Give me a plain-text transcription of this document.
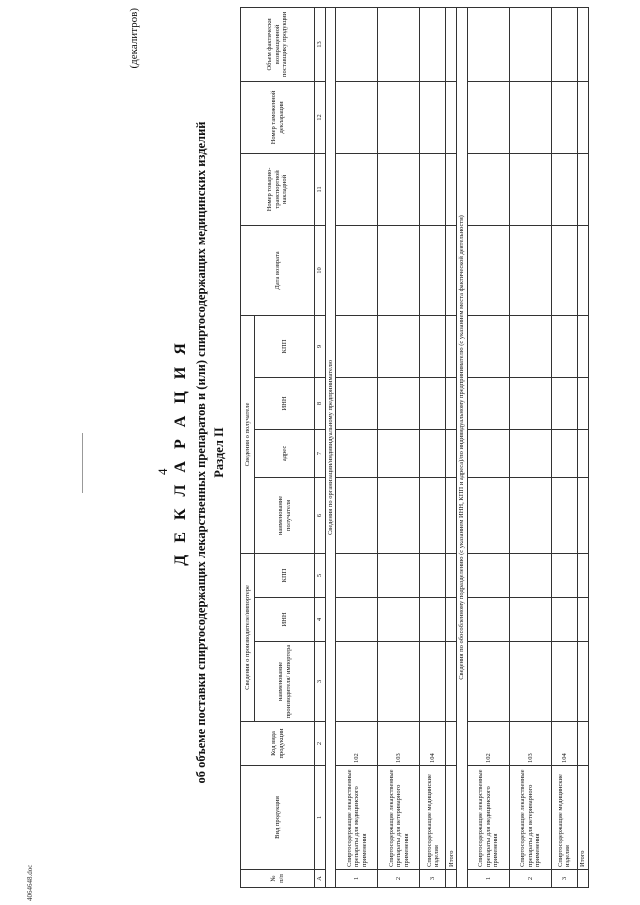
4064648.doc
4 Д Е К Л А Р А Ц И Я об объеме поставки спиртосодержащих лекарственных препаратов и (или) спиртосодержащих медицинских изделий Раздел II
(декалитров)
№ п/п	Вид продукции	Код вида продукции	Сведения о производителе/импортере			Сведения о получателе				Дата возврата	Номер товарно-транспортной накладной	Номер таможенной декларации	Объем фактически возвращенной поставщику продукции
			наименование производителя/ импортера	ИНН	КПП	наименование получателя	адрес	ИНН	КПП				
А	1	2	3	4	5	6	7	8	9	10	11	12	13
Сведения по организации/индивидуальному предпринимателю													
1	Спиртосодержащие лекарственные препараты для медицинского применения	102											
2	Спиртосодержащие лекарственные препараты для ветеринарного применения	103											
3	Спиртосодержащие медицинские изделия	104											
	Итого												
Сведения по обособленному подразделению (с указанием ИНН, КПП и адреса)/по индивидуальному предпринимателю (с указанием места фактической деятельности)													
1	Спиртосодержащие лекарственные препараты для медицинского применения	102											
2	Спиртосодержащие лекарственные препараты для ветеринарного применения	103											
3	Спиртосодержащие медицинские изделия	104											
	Итого												
